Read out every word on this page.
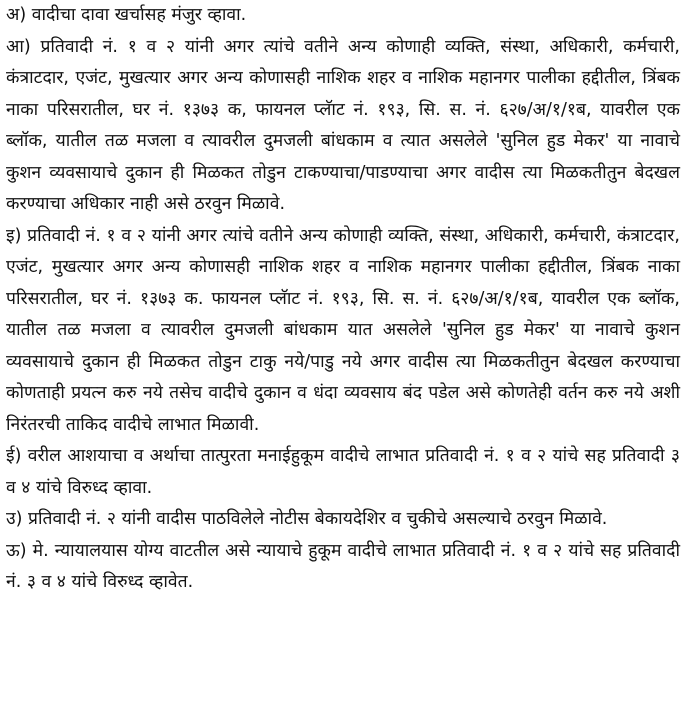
अ) वादीचा दावा खर्चासह मंजुर व्हावा.

आ) प्रतिवादी नं. १ व २ यांनी अगर त्यांचे वतीने अन्य कोणाही व्यक्ति, संस्था, अधिकारी, कर्मचारी, कंत्राटदार, एजंट, मुखत्यार अगर अन्य कोणासही नाशिक शहर व नाशिक महानगर पालीका हद्दीतील, त्रिंबक नाका परिसरातील, घर नं. १३७३ क, फायनल प्लॅाट नं. १९३, सि. स. नं. ६२७/अ/१/१ब, यावरील एक ब्लॉक, यातील तळ मजला व त्यावरील दुमजली बांधकाम व त्यात असलेले 'सुनिल हुड मेकर' या नावाचे कुशन व्यवसायाचे दुकान ही मिळकत तोडुन टाकण्याचा/पाडण्याचा अगर वादीस त्या मिळकतीतुन बेदखल करण्याचा अधिकार नाही असे ठरवुन मिळावे.

इ) प्रतिवादी नं. १ व २ यांनी अगर त्यांचे वतीने अन्य कोणाही व्यक्ति, संस्था, अधिकारी, कर्मचारी, कंत्राटदार, एजंट, मुखत्यार अगर अन्य कोणासही नाशिक शहर व नाशिक महानगर पालीका हद्दीतील, त्रिंबक नाका परिसरातील, घर नं. १३७३ क. फायनल प्लॅाट नं. १९३, सि. स. नं. ६२७/अ/१/१ब, यावरील एक ब्लॉक, यातील तळ मजला व त्यावरील दुमजली बांधकाम यात असलेले 'सुनिल हुड मेकर' या नावाचे कुशन व्यवसायाचे दुकान ही मिळकत तोडुन टाकु नये/पाडु नये अगर वादीस त्या मिळकतीतुन बेदखल करण्याचा कोणताही प्रयत्न करु नये तसेच वादीचे दुकान व धंदा व्यवसाय बंद पडेल असे कोणतेही वर्तन करु नये अशी निरंतरची ताकिद वादीचे लाभात मिळावी.

ई) वरील आशयाचा व अर्थाचा तात्पुरता मनाईहुकूम वादीचे लाभात प्रतिवादी नं. १ व २ यांचे सह प्रतिवादी ३ व ४ यांचे विरुध्द व्हावा.

उ) प्रतिवादी नं. २ यांनी वादीस पाठविलेले नोटीस बेकायदेशिर व चुकीचे असल्याचे ठरवुन मिळावे.

ऊ) मे. न्यायालयास योग्य वाटतील असे न्यायाचे हुकूम वादीचे लाभात प्रतिवादी नं. १ व २ यांचे सह प्रतिवादी नं. ३ व ४ यांचे विरुध्द व्हावेत.
